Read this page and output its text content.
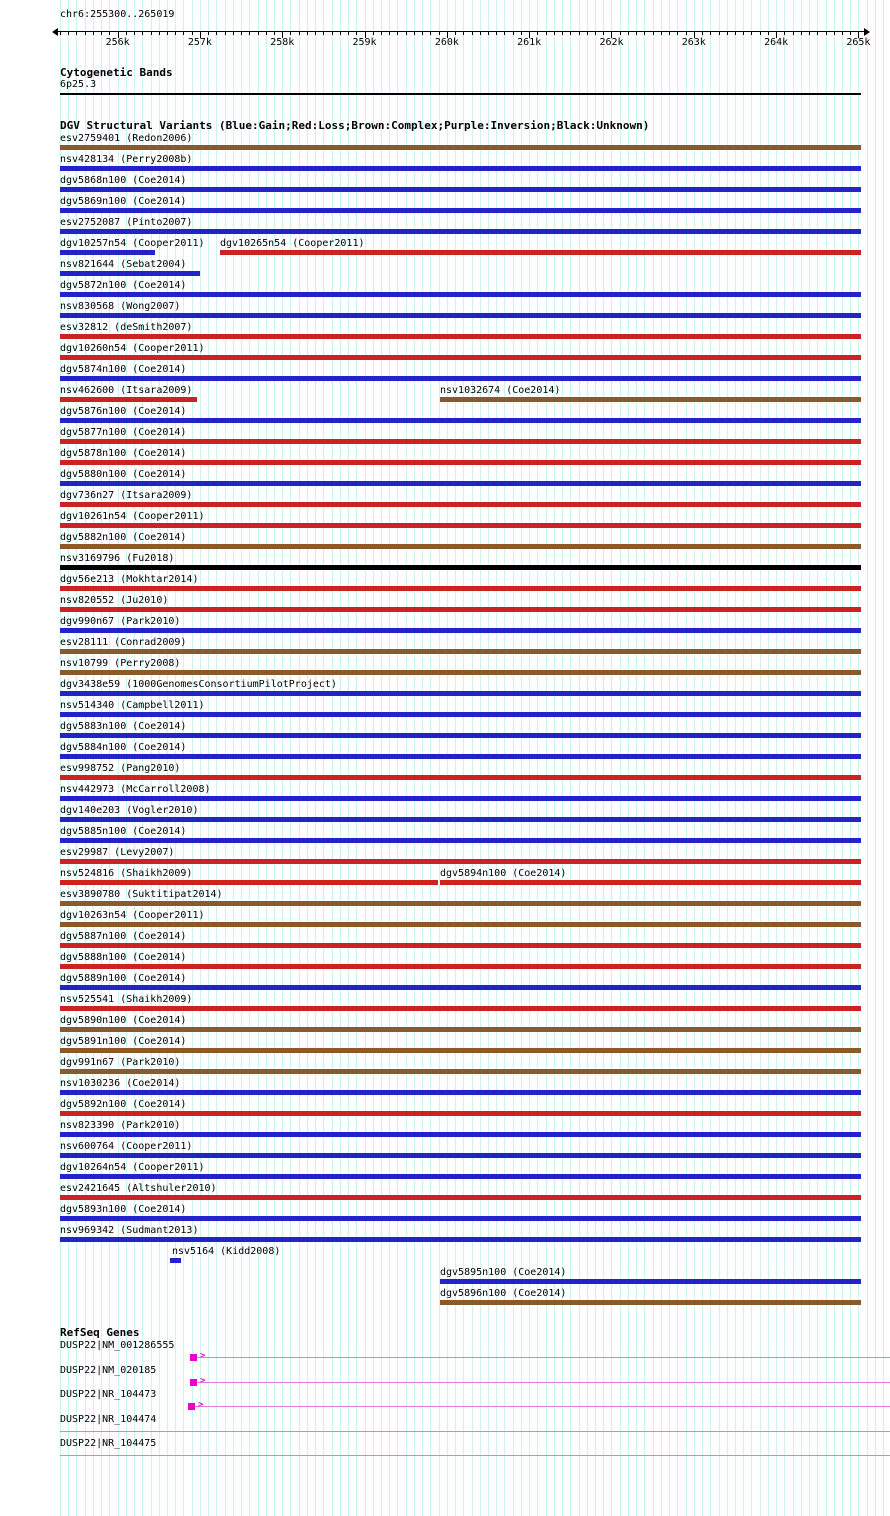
chr6:255300..265019
256k	257k	258k	259k	260k	261k	262k	263k	264k	265k
Cytogenetic Bands
6p25.3
DGV Structural Variants (Blue:Gain;Red:Loss;Brown:Complex;Purple:Inversion;Black:Unknown)
esv2759401 (Redon2006)
nsv428134 (Perry2008b)
dgv5868n100 (Coe2014)
dgv5869n100 (Coe2014)
esv2752087 (Pinto2007)
dgv10257n54 (Cooper2011) dgv10265n54 (Cooper2011)
nsv821644 (Sebat2004)
dgv5872n100 (Coe2014)
nsv830568 (Wong2007)
esv32812 (deSmith2007)
dgv10260n54 (Cooper2011)
dgv5874n100 (Coe2014)
nsv462600 (Itsara2009)	nsv1032674 (Coe2014)
dgv5876n100 (Coe2014)
dgv5877n100 (Coe2014)
dgv5878n100 (Coe2014)
dgv5880n100 (Coe2014)
dgv736n27 (Itsara2009)
dgv10261n54 (Cooper2011)
dgv5882n100 (Coe2014)
nsv3169796 (Fu2018)
dgv56e213 (Mokhtar2014)
nsv820552 (Ju2010)
dgv990n67 (Park2010)
esv28111 (Conrad2009)
nsv10799 (Perry2008)
dgv3438e59 (1000GenomesConsortiumPilotProject)
nsv514340 (Campbell2011)
dgv5883n100 (Coe2014)
dgv5884n100 (Coe2014)
esv998752 (Pang2010)
nsv442973 (McCarroll2008)
dgv140e203 (Vogler2010)
dgv5885n100 (Coe2014)
esv29987 (Levy2007)
nsv524816 (Shaikh2009)	dgv5894n100 (Coe2014)
esv3890780 (Suktitipat2014)
dgv10263n54 (Cooper2011)
dgv5887n100 (Coe2014)
dgv5888n100 (Coe2014)
dgv5889n100 (Coe2014)
nsv525541 (Shaikh2009)
dgv5890n100 (Coe2014)
dgv5891n100 (Coe2014)
dgv991n67 (Park2010)
nsv1030236 (Coe2014)
dgv5892n100 (Coe2014)
nsv823390 (Park2010)
nsv600764 (Cooper2011)
dgv10264n54 (Cooper2011)
esv2421645 (Altshuler2010)
dgv5893n100 (Coe2014)
nsv969342 (Sudmant2013)
nsv5164 (Kidd2008)
dgv5895n100 (Coe2014)
dgv5896n100 (Coe2014)
RefSeq Genes
DUSP22|NM_001286555
>
DUSP22|NM_020185
>
DUSP22|NR_104473
>
DUSP22|NR_104474
DUSP22|NR_104475
